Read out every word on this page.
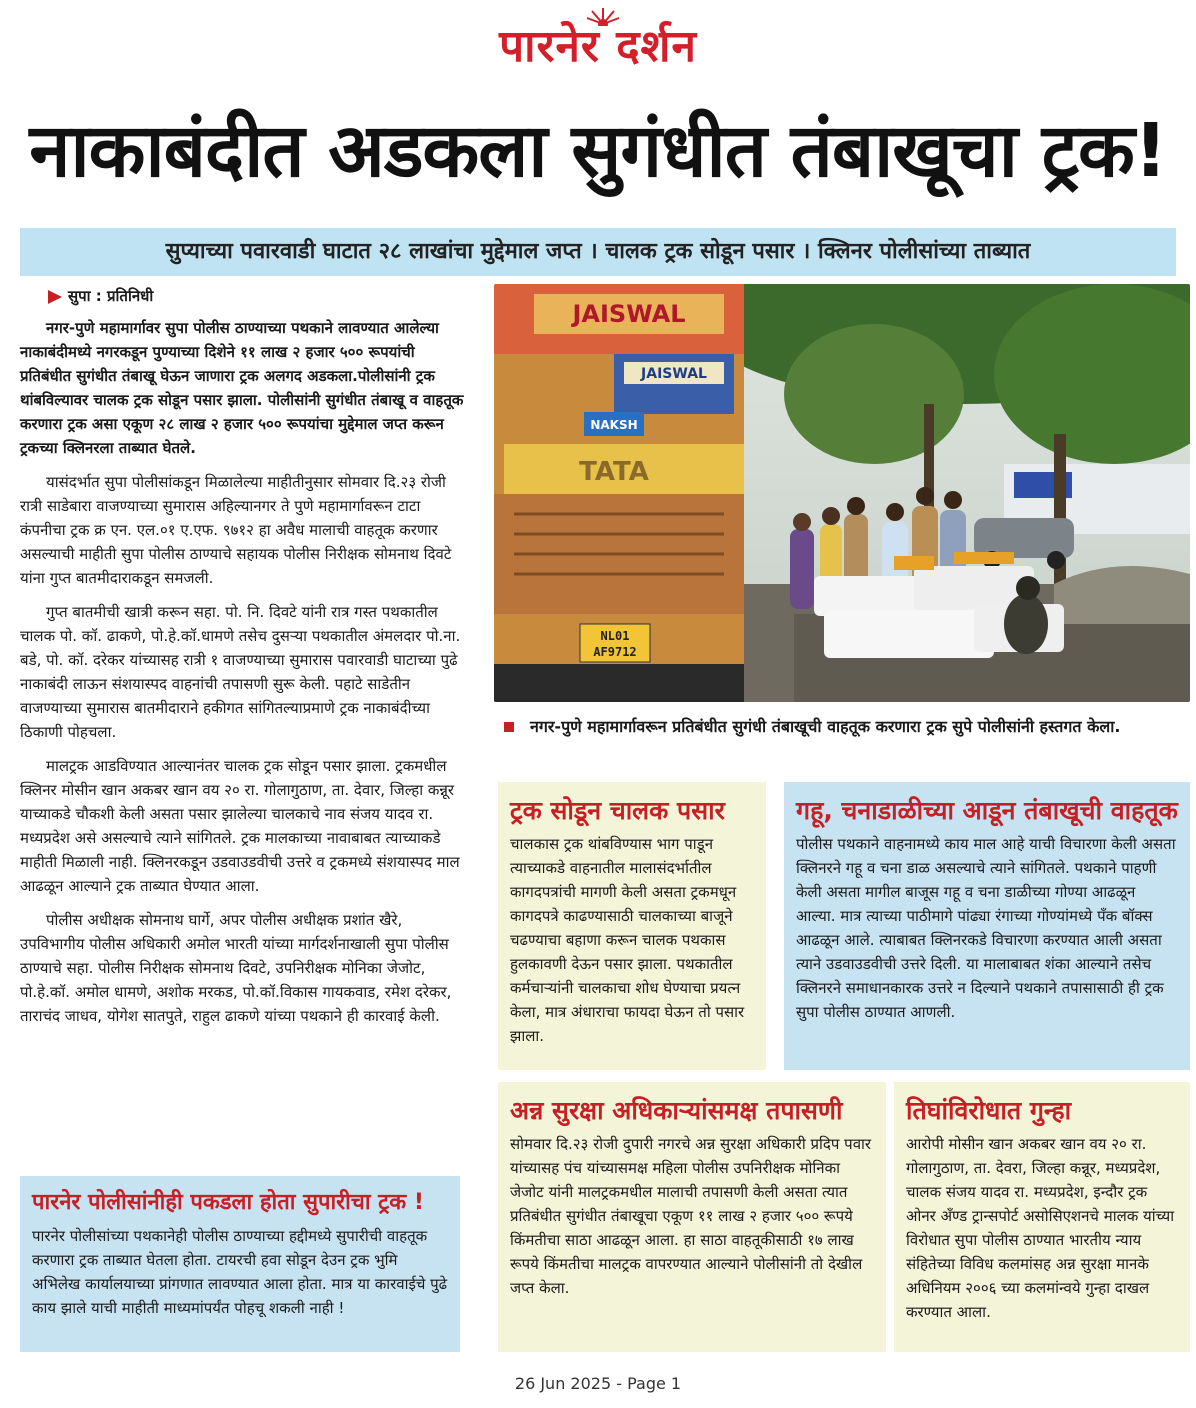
पारनेर दर्शन
नाकाबंदीत अडकला सुगंधीत तंबाखूचा ट्रक!
सुप्याच्या पवारवाडी घाटात २८ लाखांचा मुद्देमाल जप्त । चालक ट्रक सोडून पसार । क्लिनर पोलीसांच्या ताब्यात
सुपा : प्रतिनिधी

नगर-पुणे महामार्गावर सुपा पोलीस ठाण्याच्या पथकाने लावण्यात आलेल्या नाकाबंदीमध्ये नगरकडून पुण्याच्या दिशेने ११ लाख २ हजार ५०० रूपयांची प्रतिबंधीत सुगंधीत तंबाखू घेऊन जाणारा ट्रक अलगद अडकला.पोलीसांनी ट्रक थांबविल्यावर चालक ट्रक सोडून पसार झाला. पोलीसांनी सुगंधीत तंबाखू व वाहतूक करणारा ट्रक असा एकूण २८ लाख २ हजार ५०० रूपयांचा मुद्देमाल जप्त करून ट्रकच्या क्लिनरला ताब्यात घेतले.

यासंदर्भात सुपा पोलीसांकडून मिळालेल्या माहीतीनुसार सोमवार दि.२३ रोजी रात्री साडेबारा वाजण्याच्या सुमारास अहिल्यानगर ते पुणे महामार्गावरून टाटा कंपनीचा ट्रक क्र एन. एल.०१ ए.एफ. ९७१२ हा अवैध मालाची वाहतूक करणार असल्याची माहीती सुपा पोलीस ठाण्याचे सहायक पोलीस निरीक्षक सोमनाथ दिवटे यांना गुप्त बातमीदाराकडून समजली.

गुप्त बातमीची खात्री करून सहा. पो. नि. दिवटे यांनी रात्र गस्त पथकातील चालक पो. कॉ. ढाकणे, पो.हे.कॉ.धामणे तसेच दुसऱ्या पथकातील अंमलदार पो.ना. बडे, पो. कॉ. दरेकर यांच्यासह रात्री १ वाजण्याच्या सुमारास पवारवाडी घाटाच्या पुढे नाकाबंदी लाऊन संशयास्पद वाहनांची तपासणी सुरू केली. पहाटे साडेतीन वाजण्याच्या सुमारास बातमीदाराने हकीगत सांगितल्याप्रमाणे ट्रक नाकाबंदीच्या ठिकाणी पोहचला.

मालट्रक आडविण्यात आल्यानंतर चालक ट्रक सोडून पसार झाला. ट्रकमधील क्लिनर मोसीन खान अकबर खान वय २० रा. गोलागुठाण, ता. देवार, जिल्हा कन्नूर याच्याकडे चौकशी केली असता पसार झालेल्या चालकाचे नाव संजय यादव रा. मध्यप्रदेश असे असल्याचे त्याने सांगितले. ट्रक मालकाच्या नावाबाबत त्याच्याकडे माहीती मिळाली नाही. क्लिनरकडून उडवाउडवीची उत्तरे व ट्रकमध्ये संशयास्पद माल आढळून आल्याने ट्रक ताब्यात घेण्यात आला.

पोलीस अधीक्षक सोमनाथ घार्गे, अपर पोलीस अधीक्षक प्रशांत खैरे, उपविभागीय पोलीस अधिकारी अमोल भारती यांच्या मार्गदर्शनाखाली सुपा पोलीस ठाण्याचे सहा. पोलीस निरीक्षक सोमनाथ दिवटे, उपनिरीक्षक मोनिका जेजोट, पो.हे.कॉ. अमोल धामणे, अशोक मरकड, पो.कॉ.विकास गायकवाड, रमेश दरेकर, ताराचंद जाधव, योगेश सातपुते, राहुल ढाकणे यांच्या पथकाने ही कारवाई केली.

JAISWAL
JAISWAL
NAKSH
TATA
NL01
AF9712
नगर-पुणे महामार्गावरून प्रतिबंधीत सुगंधी तंबाखूची वाहतूक करणारा ट्रक सुपे पोलीसांनी हस्तगत केला.
ट्रक सोडून चालक पसार
चालकास ट्रक थांबविण्यास भाग पाडून त्याच्याकडे वाहनातील मालासंदर्भातील कागदपत्रांची मागणी केली असता ट्रकमधून कागदपत्रे काढण्यासाठी चालकाच्या बाजूने चढण्याचा बहाणा करून चालक पथकास हुलकावणी देऊन पसार झाला. पथकातील कर्मचाऱ्यांनी चालकाचा शोध घेण्याचा प्रयत्न केला, मात्र अंधाराचा फायदा घेऊन तो पसार झाला.
गहू, चनाडाळीच्या आडून तंबाखूची वाहतूक
पोलीस पथकाने वाहनामध्ये काय माल आहे याची विचारणा केली असता क्लिनरने गहू व चना डाळ असल्याचे त्याने सांगितले. पथकाने पाहणी केली असता मागील बाजूस गहू व चना डाळीच्या गोण्या आढळून आल्या. मात्र त्याच्या पाठीमागे पांढ्या रंगाच्या गोण्यांमध्ये पँक बॉक्स आढळून आले. त्याबाबत क्लिनरकडे विचारणा करण्यात आली असता त्याने उडवाउडवीची उत्तरे दिली. या मालाबाबत शंका आल्याने तसेच क्लिनरने समाधानकारक उत्तरे न दिल्याने पथकाने तपासासाठी ही ट्रक सुपा पोलीस ठाण्यात आणली.
अन्न सुरक्षा अधिकाऱ्यांसमक्ष तपासणी
सोमवार दि.२३ रोजी दुपारी नगरचे अन्न सुरक्षा अधिकारी प्रदिप पवार यांच्यासह पंच यांच्यासमक्ष महिला पोलीस उपनिरीक्षक मोनिका जेजोट यांनी मालट्रकमधील मालाची तपासणी केली असता त्यात प्रतिबंधीत सुगंधीत तंबाखूचा एकूण ११ लाख २ हजार ५०० रूपये किंमतीचा साठा आढळून आला. हा साठा वाहतूकीसाठी १७ लाख रूपये किंमतीचा मालट्रक वापरण्यात आल्याने पोलीसांनी तो देखील जप्त केला.
तिघांविरोधात गुन्हा
आरोपी मोसीन खान अकबर खान वय २० रा. गोलागुठाण, ता. देवरा, जिल्हा कन्नूर, मध्यप्रदेश, चालक संजय यादव रा. मध्यप्रदेश, इन्दौर ट्रक ओनर अँण्ड ट्रान्सपोर्ट असोसिएशनचे मालक यांच्या विरोधात सुपा पोलीस ठाण्यात भारतीय न्याय संहितेच्या विविध कलमांसह अन्न सुरक्षा मानके अधिनियम २००६ च्या कलमांन्वये गुन्हा दाखल करण्यात आला.
पारनेर पोलीसांनीही पकडला होता सुपारीचा ट्रक !
पारनेर पोलीसांच्या पथकानेही पोलीस ठाण्याच्या हद्दीमध्ये सुपारीची वाहतूक करणारा ट्रक ताब्यात घेतला होता. टायरची हवा सोडून देउन ट्रक भुमि अभिलेख कार्यालयाच्या प्रांगणात लावण्यात आला होता. मात्र या कारवाईचे पुढे काय झाले याची माहीती माध्यमांपर्यंत पोहचू शकली नाही !
26 Jun 2025 - Page 1
